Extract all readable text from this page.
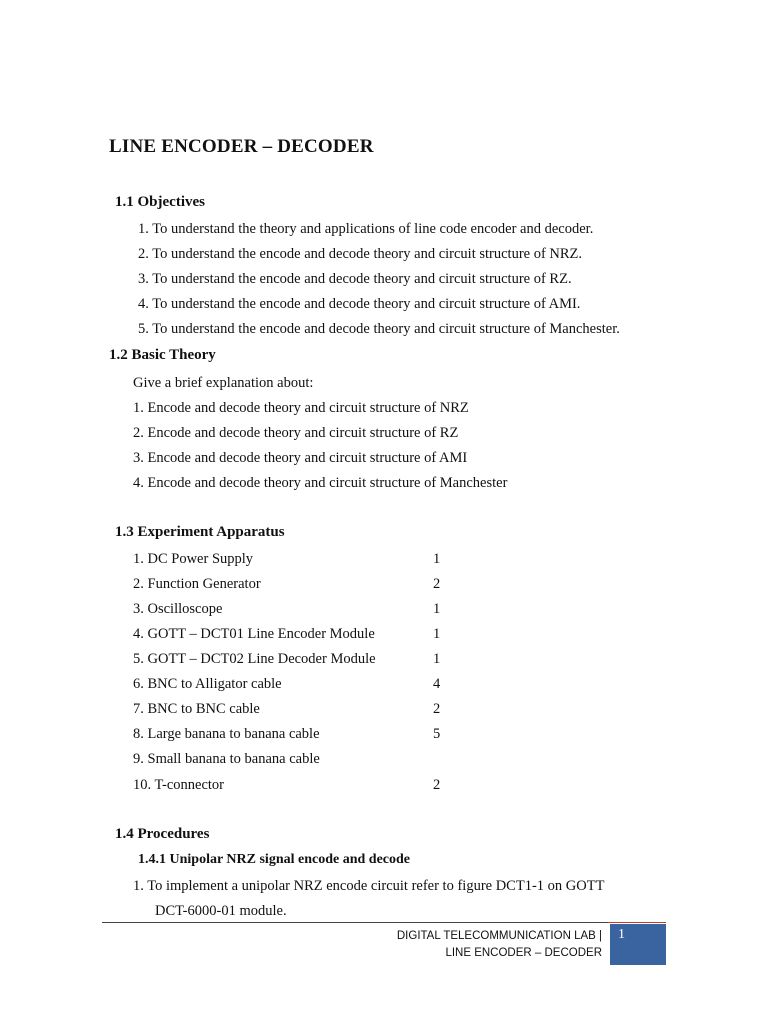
LINE ENCODER – DECODER
1.1 Objectives
1. To understand the theory and applications of line code encoder and decoder.
2. To understand the encode and decode theory and circuit structure of NRZ.
3. To understand the encode and decode theory and circuit structure of RZ.
4. To understand the encode and decode theory and circuit structure of AMI.
5. To understand the encode and decode theory and circuit structure of Manchester.
1.2 Basic Theory
Give a brief explanation about:
1. Encode and decode theory and circuit structure of NRZ
2. Encode and decode theory and circuit structure of RZ
3. Encode and decode theory and circuit structure of AMI
4. Encode and decode theory and circuit structure of Manchester
1.3 Experiment Apparatus
1. DC Power Supply	1
2. Function Generator	2
3. Oscilloscope	1
4. GOTT – DCT01 Line Encoder Module	1
5. GOTT – DCT02 Line Decoder Module	1
6. BNC to Alligator cable	4
7. BNC to BNC cable	2
8. Large banana to banana cable	5
9. Small banana to banana cable
10. T-connector	2
1.4 Procedures
1.4.1 Unipolar NRZ signal encode and decode
1. To implement a unipolar NRZ encode circuit refer to figure DCT1-1 on GOTT
DCT-6000-01 module.
DIGITAL TELECOMMUNICATION LAB |
LINE ENCODER – DECODER
1
